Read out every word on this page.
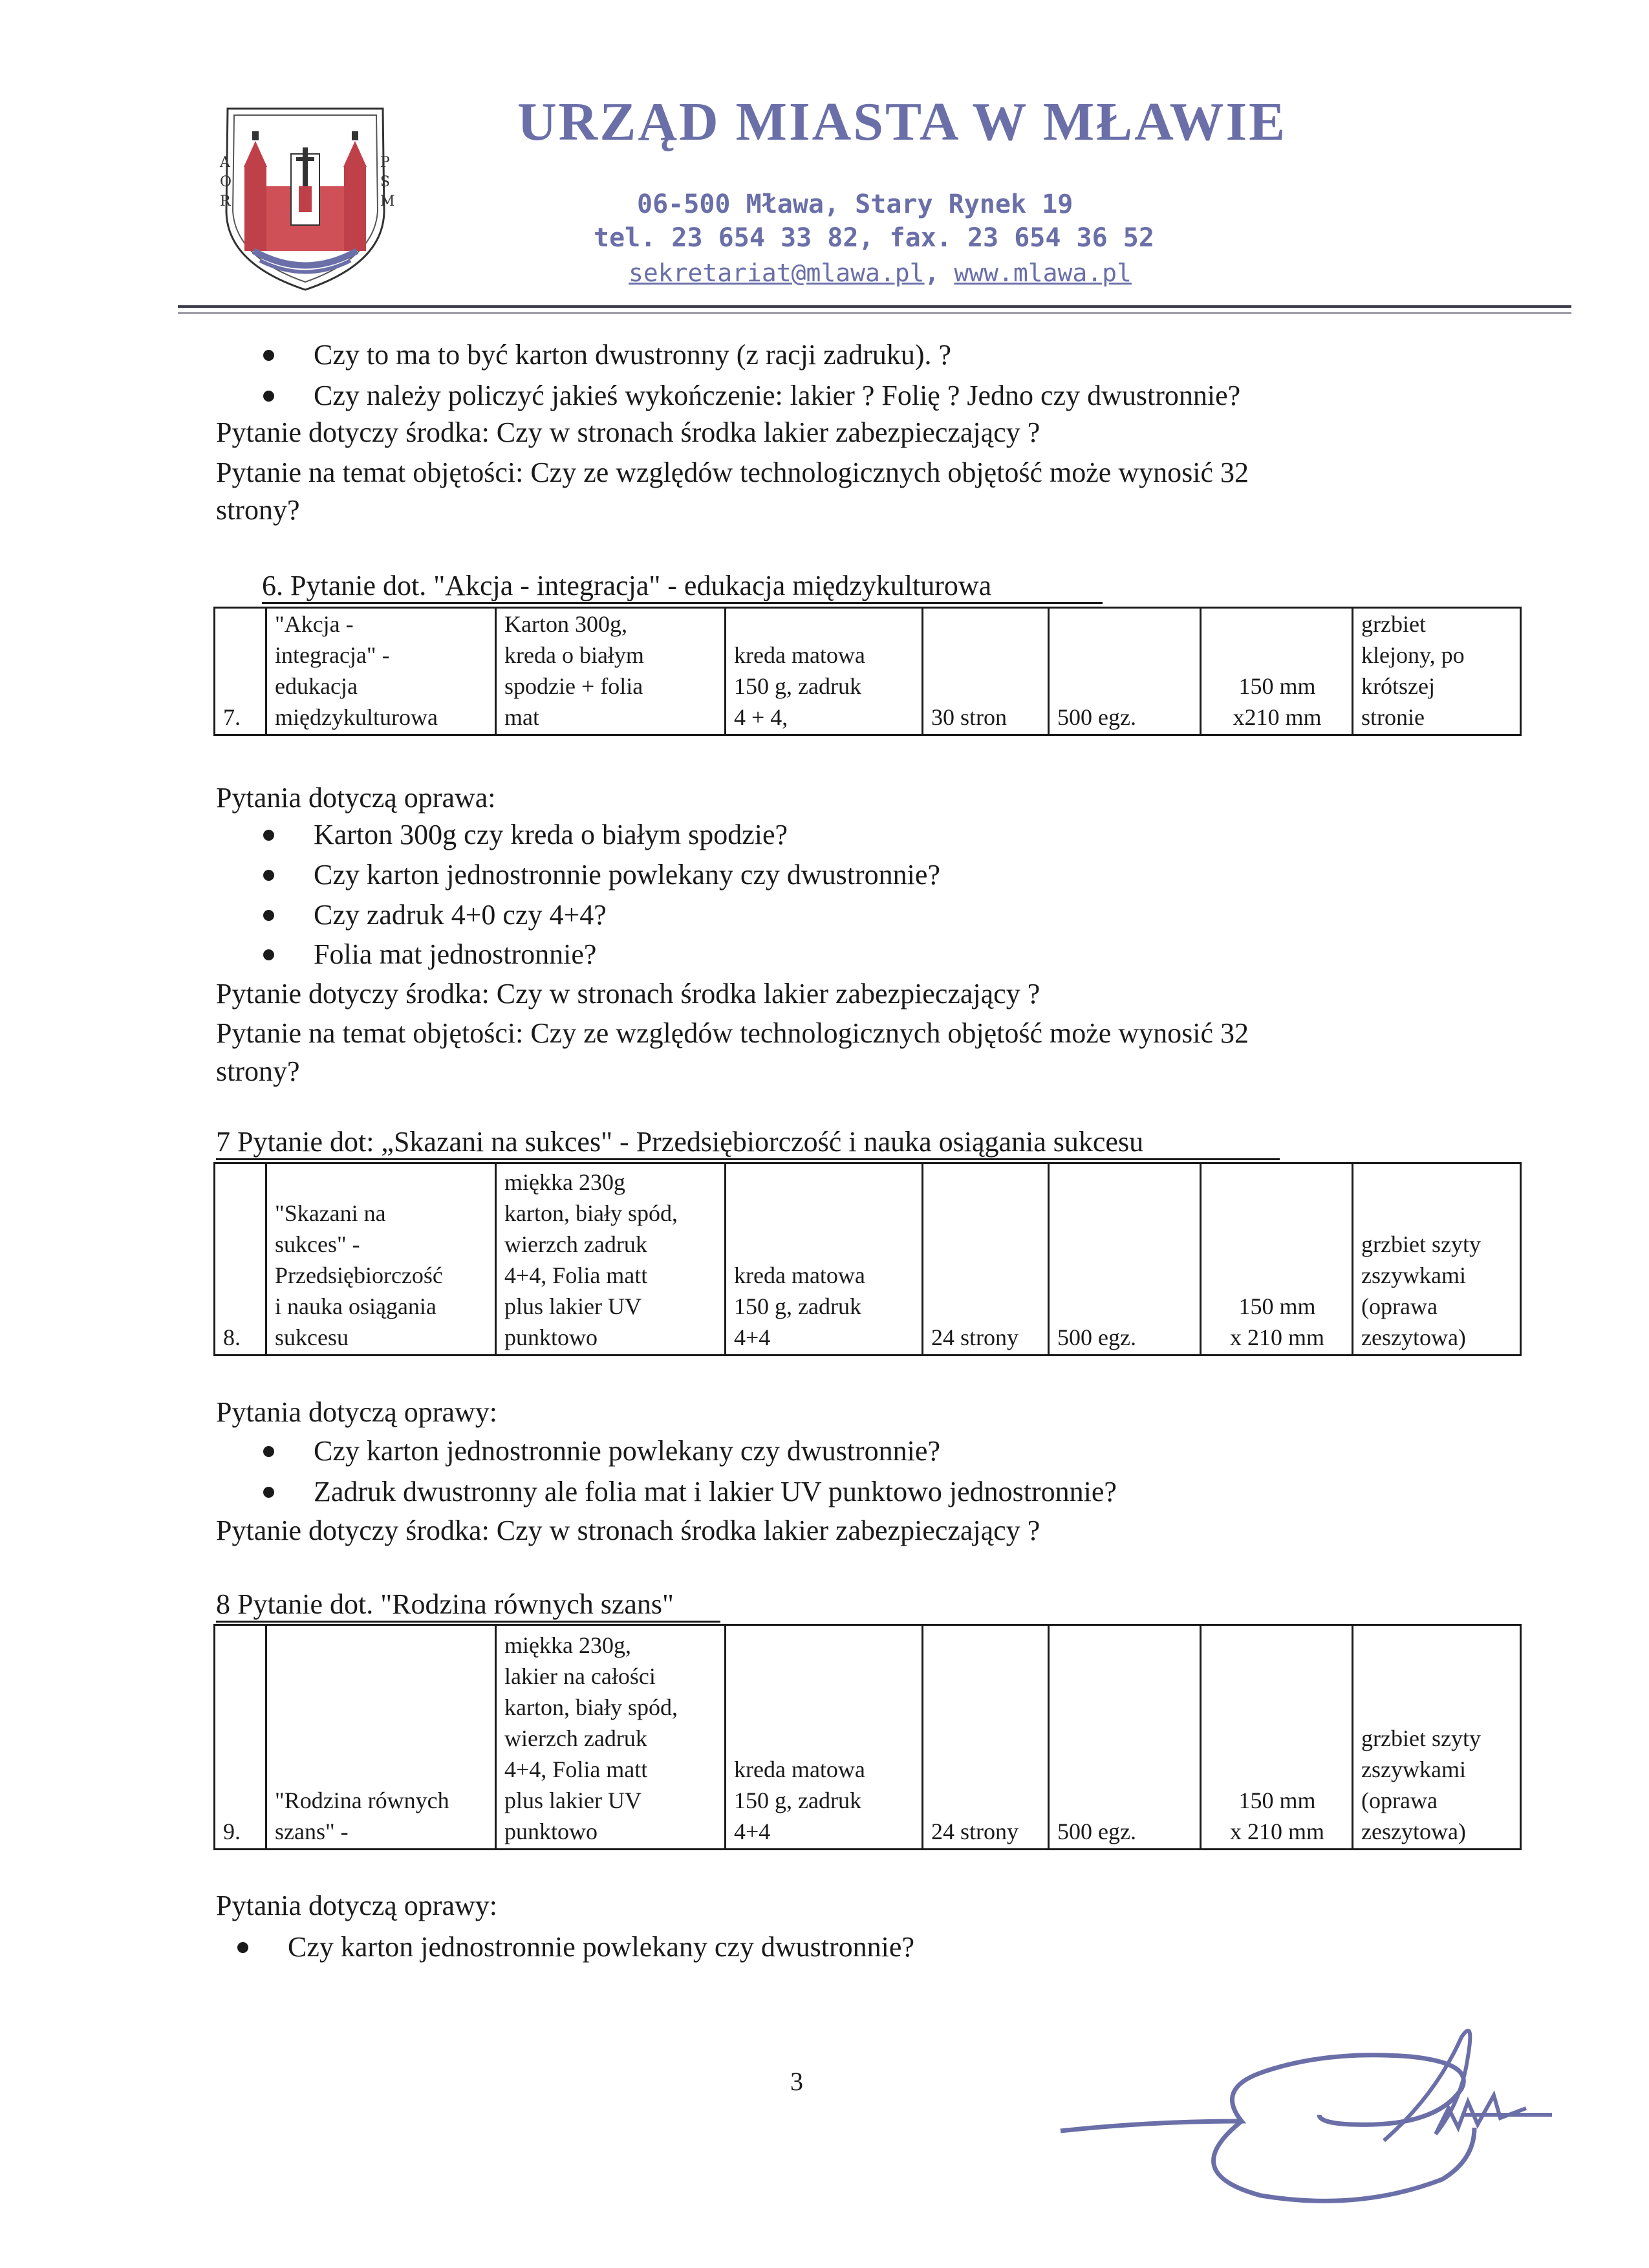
A
O
R
P
S
M
URZĄD MIASTA W MŁAWIE
06-500 Mława, Stary Rynek 19
tel. 23 654 33 82, fax. 23 654 36 52
sekretariat@mlawa.pl, www.mlawa.pl
Czy to ma to być karton dwustronny (z racji zadruku). ?
Czy należy policzyć jakieś wykończenie: lakier ? Folię ? Jedno czy dwustronnie?
Pytanie dotyczy środka: Czy w stronach środka lakier zabezpieczający ?
Pytanie na temat objętości: Czy ze względów technologicznych objętość może wynosić 32
strony?
6. Pytanie dot. "Akcja - integracja" - edukacja międzykulturowa
7.

"Akcja -
integracja" -
edukacja
międzykulturowa

Karton 300g,
kreda o białym
spodzie + folia
mat

kreda matowa
150 g, zadruk
4 + 4,	30 stron	500 egz.

150 mm
x210 mm

grzbiet
klejony, po
krótszej
stronie
Pytania dotyczą oprawa:
Karton 300g czy kreda o białym spodzie?
Czy karton jednostronnie powlekany czy dwustronnie?
Czy zadruk 4+0 czy 4+4?
Folia mat jednostronnie?
Pytanie dotyczy środka: Czy w stronach środka lakier zabezpieczający ?
Pytanie na temat objętości: Czy ze względów technologicznych objętość może wynosić 32
strony?
7 Pytanie dot: „Skazani na sukces" - Przedsiębiorczość i nauka osiągania sukcesu
8.

"Skazani na
sukces" -
Przedsiębiorczość
i nauka osiągania
sukcesu

miękka 230g
karton, biały spód,
wierzch zadruk
4+4, Folia matt
plus lakier UV
punktowo

kreda matowa
150 g, zadruk
4+4	24 strony	500 egz.

150 mm
x 210 mm

grzbiet szyty
zszywkami
(oprawa
zeszytowa)
Pytania dotyczą oprawy:
Czy karton jednostronnie powlekany czy dwustronnie?
Zadruk dwustronny ale folia mat i lakier UV punktowo jednostronnie?
Pytanie dotyczy środka: Czy w stronach środka lakier zabezpieczający ?
8 Pytanie dot. "Rodzina równych szans"
9.

"Rodzina równych
szans" -

miękka 230g,
lakier na całości
karton, biały spód,
wierzch zadruk
4+4, Folia matt
plus lakier UV
punktowo

kreda matowa
150 g, zadruk
4+4	24 strony	500 egz.

150 mm
x 210 mm

grzbiet szyty
zszywkami
(oprawa
zeszytowa)
Pytania dotyczą oprawy:
Czy karton jednostronnie powlekany czy dwustronnie?
3
